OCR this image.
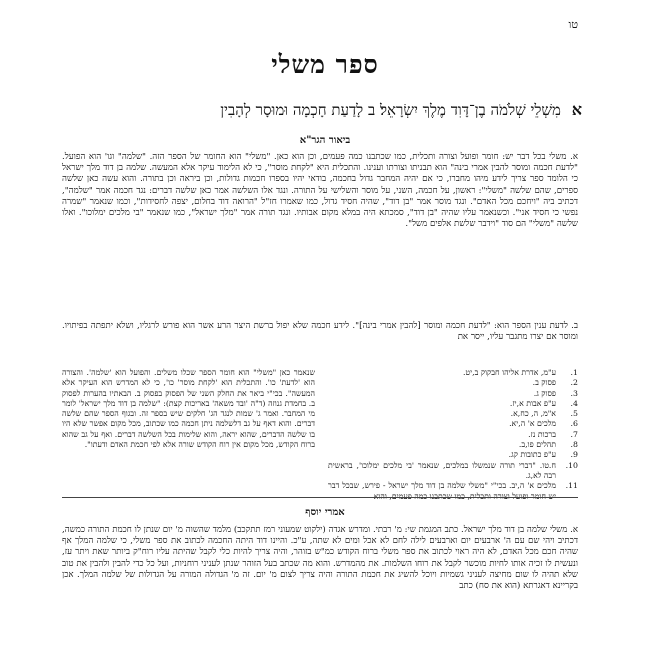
טו
ספר משלי
א מִשְׁלֵי שְׁלֹמֹה בֶן־דָּוִד מֶלֶךְ יִשְׂרָאֵל׃ ב לָדַעַת חָכְמָה וּמוּסָר לְהָבִין
ביאור הגר"א
א. משלי בכל דבר יש: חומר ופועל וצורה ותכלית, כמו שכתבנו כמה פעמים, וכן הוא כאן. "משלי" הוא החומר של הספר הזה. "שלמה" וגו' הוא הפועל. "לדעת חכמה ומוסר להבין אמרי בינה" הוא תבניתו וצורתו וענינו. והתכלית היא "לקחת מוסר", כי לא הלימוד עיקר אלא המעשה. שלמה בן דוד מלך ישראל כי הלומד ספר צריך לידע מיהו מחברו, כי אם יהיה המחבר גדול בחכמה, בודאי יהיו בספרו חכמות גדולות, וכן ביראה וכן בתורה. והוא עשה כאן שלשה ספרים, שהם שלשה "משלי": ראשון, על חכמה, השני, על מוסר והשלישי על התורה. ונגד אלו השלשה אמר כאן שלשה דברים: נגד חכמה אמר "שלמה", דכתיב ביה "ויחכם מכל האדם". ונגד מוסר אמר "בן דוד", שהיה חסיד גדול, כמו שאמרו חז"ל "הרואה דוד בחלום, יצפה לחסידות", וכמו שנאמר "שמרה נפשי כי חסיד אני". וכשנאמר עליו שהיה "בן דוד", סמכתא היה במלא מקום אבותיו. ונגד תורה אמר "מלך ישראל", כמו שנאמר "בי מלכים ימלוכו". ואלו שלשה "משלי" הם סוד "וידבר שלשת אלפים משל".
ב. לדעת ענין הספר הוא: "לדעת חכמה ומוסר [להבין אמרי בינה]". לידע חכמה שלא יפול ברשת היצר הרע אשר הוא פורש לרגליו, ושלא יתפתה בפיתויו. ומוסר אם יצרו מתגבר עליו, ייסר את
1.
ע"מ, אדרת אליהו חבקוק ב,יט.
2.
פסוק ב.
3.
פסוק ג.
4.
ע"פ אבות א,יז.
5.
א"מ, ה, כח,א.
6.
מלכים א' ה,יא.
7.
ברכות נז.
8.
תהלים פו,ב.
9.
ע"פ כתובות קג.
10.
ח.טו. "דברי תורה שנמשלו במלכים, שנאמר 'בי מלכים ימלוכו', בראשית רבה לא,ג.
11.
מלכים א' ה,יב. בכי"י "משלי שלמה בן דוד מלך ישראל - פירש, שבכל דבר יש חומר ופועל וצורה ותכלית, כמו שכתבנו כמה פעמים, והוא
שנאמר כאן "משלי" הוא חומר הספר שכלו משלים. והפועל הוא 'שלמה'. והצורה הוא 'לדעת' כו'. והתכלית הוא 'לקחת מוסר' כו', כי לא המדרש הוא העיקר אלא המעשה". בכי"י ביאר את החלק השני של הפסוק בפסוק ב. הבאתיו בהערות לפסוק ב. בחמדת גנוזה (ד"ה 'ובד משאה' באריכות קצת): "שלמה בן דוד מלך ישראל' לומר מי המחבר. ואמר ג' שמות לנגד הג' חלקים שיש בספר זה. ובגוף הספר שהם שלשה דברים. והוא דאף על גב דלשלמה ניתן חכמה כמו שכתוב, מכל מקום אפשר שלא היו בו שלשה הדברים, שהוא יראה, והוא שלימות בכל השלשה דברים. ואף על גב שהוא ברוח הקודש, מכל מקום אין רוח הקודש שורה אלא לפי חכמת האדם ודעתו".
אמרי יוסף
א. משלי שלמה בן דוד מלך ישראל. כתב המגמת שי: מ' רבתי. ומדרש אגדה (ילקוט שמעוני רמז תתקכב) מלמד שהשוה מ' יום שנתן לו חכמת התורה כמשה, דכתיב ויהי שם עם ה' ארבעים יום וארבעים לילה לחם לא אכל ומים לא שתה, ע"כ. והיינו דוד היתה החכמה לכתוב את ספר משלי, כי שלמה המלך אף שהיה חכם מכל האדם, לא היה ראוי לכתוב את ספר משלי ברוח הקודש כמ"ש בזוהר, והיה צריך להיות כלי לקבל שהיתה עליו רוח"ק ביותר שאת ויתר עז, ונעשית לו זכיה אותו לחיות מוכשר לקבל את רוחו השלמות. את מהמדרש. והוא מה שכתב בעל הזוהר שנתן לעניני רוחניות, ועל כל כדי להבין ולהבין את טוב שלא תהיה לו שום מחיצה לעניני גשמיות ויוכל להשיג את חכמת התורה והיה צריך לצום מ' יום. זה מ' הגדולה המורה על הגדולות של שלמה המלך. אכן בקריינא דאגרתא (הוא את סח) כתב
